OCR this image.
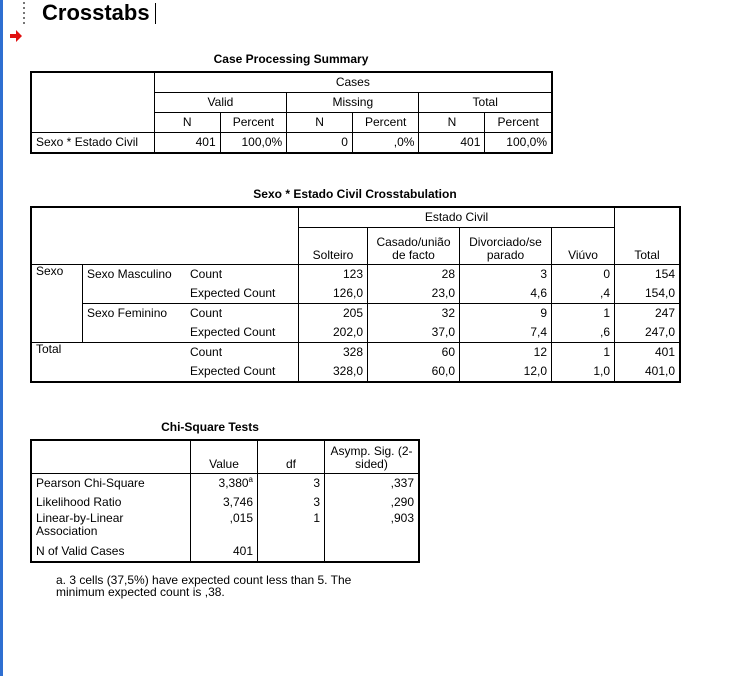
Crosstabs
Case Processing Summary
	Cases					
	Valid		Missing		Total	
	N	Percent	N	Percent	N	Percent
Sexo * Estado Civil	401	100,0%	0	,0%	401	100,0%
Sexo * Estado Civil Crosstabulation
			Estado Civil				Total
			Solteiro	Casado/união de facto	Divorciado/se parado	Viúvo	
Sexo	Sexo Masculino	Count	123	28	3	0	154
		Expected Count	126,0	23,0	4,6	,4	154,0
	Sexo Feminino	Count	205	32	9	1	247
		Expected Count	202,0	37,0	7,4	,6	247,0
Total		Count	328	60	12	1	401
		Expected Count	328,0	60,0	12,0	1,0	401,0
Chi-Square Tests
	Value	df	Asymp. Sig. (2-sided)
Pearson Chi-Square	3,380$^a$	3	,337
Likelihood Ratio	3,746	3	,290
Linear-by-Linear Association	,015	1	,903
N of Valid Cases	401		
a. 3 cells (37,5%) have expected count less than 5. The minimum expected count is ,38.
